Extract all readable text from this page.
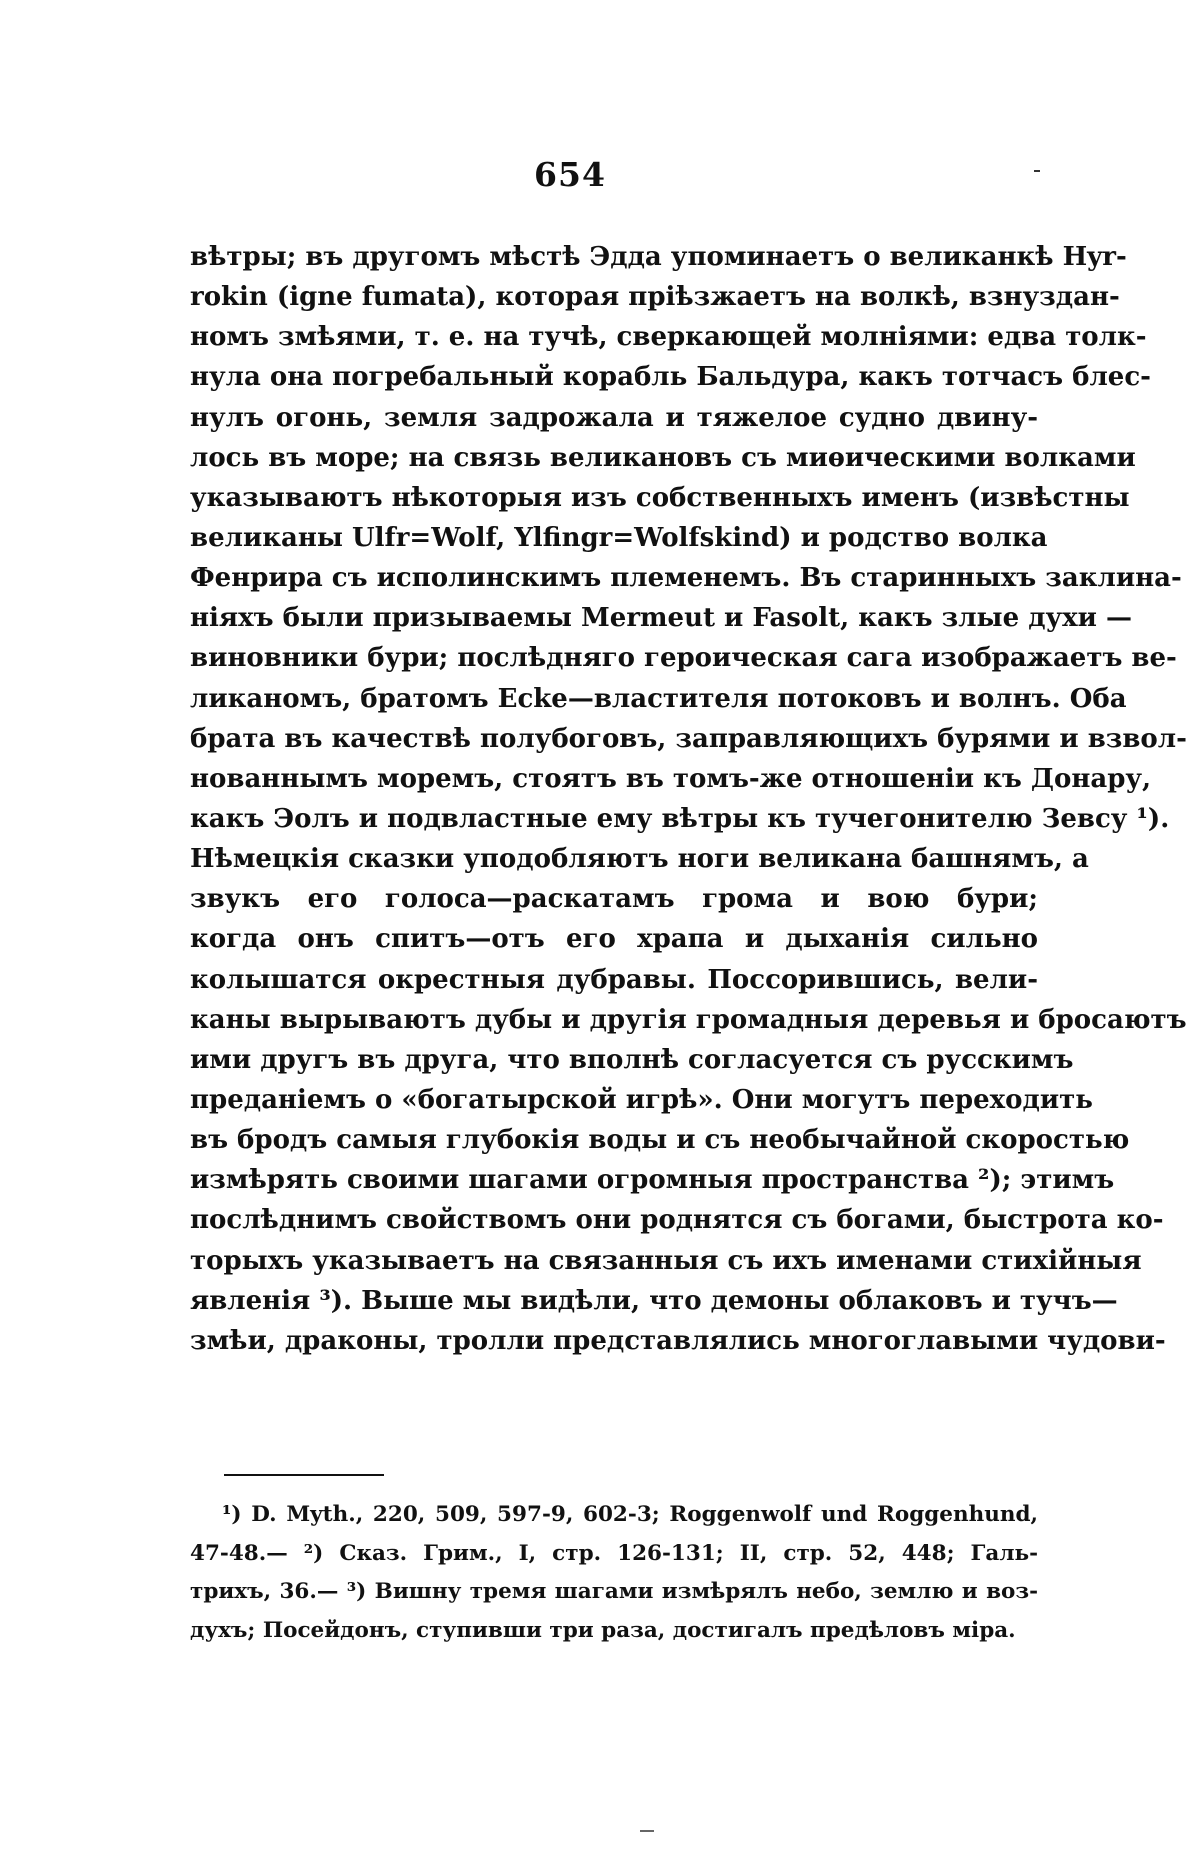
654
вѣтры; въ другомъ мѣстѣ Эдда упоминаетъ о великанкѣ Hyr-
rokin (igne fumata), которая пріѣзжаетъ на волкѣ, взнуздан-
номъ змѣями, т. е. на тучѣ, сверкающей молніями: едва толк-
нула она погребальный корабль Бальдура, какъ тотчасъ блес-
нулъ огонь, земля задрожала и тяжелое судно двину-
лось въ море; на связь великановъ съ миѳическими волками
указываютъ нѣкоторыя изъ собственныхъ именъ (извѣстны
великаны Ulfr=Wolf, Ylfingr=Wolfskind) и родство волка
Фенрира съ исполинскимъ племенемъ. Въ старинныхъ заклина-
ніяхъ были призываемы Mermeut и Fasolt, какъ злые духи —
виновники бури; послѣдняго героическая сага изображаетъ ве-
ликаномъ, братомъ Ecke—властителя потоковъ и волнъ. Оба
брата въ качествѣ полубоговъ, заправляющихъ бурями и взвол-
нованнымъ моремъ, стоятъ въ томъ-же отношеніи къ Донару,
какъ Эолъ и подвластные ему вѣтры къ тучегонителю Зевсу ¹).
Нѣмецкія сказки уподобляютъ ноги великана башнямъ, а
звукъ его голоса—раскатамъ грома и вою бури;
когда онъ спитъ—отъ его храпа и дыханія сильно
колышатся окрестныя дубравы. Поссорившись, вели-
каны вырываютъ дубы и другія громадныя деревья и бросаютъ
ими другъ въ друга, что вполнѣ согласуется съ русскимъ
преданіемъ о «богатырской игрѣ». Они могутъ переходить
въ бродъ самыя глубокія воды и съ необычайной скоростью
измѣрять своими шагами огромныя пространства ²); этимъ
послѣднимъ свойствомъ они роднятся съ богами, быстрота ко-
торыхъ указываетъ на связанныя съ ихъ именами стихійныя
явленія ³). Выше мы видѣли, что демоны облаковъ и тучъ—
змѣи, драконы, тролли представлялись многоглавыми чудови-
¹) D. Myth., 220, 509, 597-9, 602-3; Roggenwolf und Roggenhund,
47-48.— ²) Сказ. Грим., I, стр. 126-131; II, стр. 52, 448; Галь-
трихъ, 36.— ³) Вишну тремя шагами измѣрялъ небо, землю и воз-
духъ; Посейдонъ, ступивши три раза, достигалъ предѣловъ міра.
